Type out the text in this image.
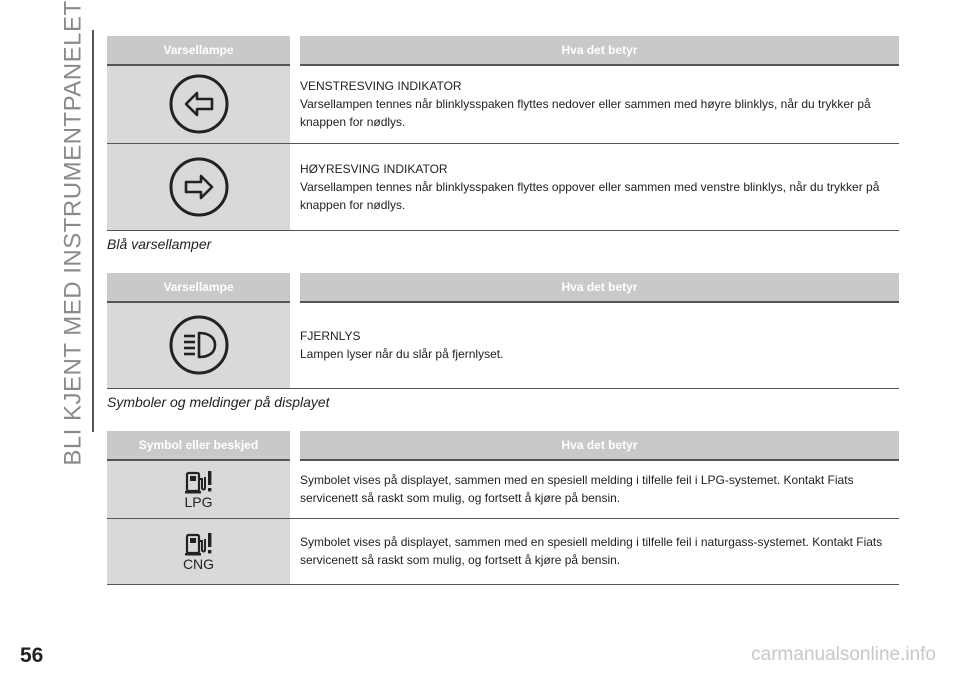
BLI KJENT MED INSTRUMENTPANELET	Varsellampe		Hva det betyr

VENSTRESVING INDIKATOR
Varsellampen tennes når blinklysspaken flyttes nedover eller sammen med høyre blinklys, når du trykker på knappen for nødlys.

HØYRESVING INDIKATOR
Varsellampen tennes når blinklysspaken flyttes oppover eller sammen med venstre blinklys, når du trykker på knappen for nødlys.
Blå varsellamper
Varsellampe		Hva det betyr

FJERNLYS
Lampen lyser når du slår på fjernlyset.
Symboler og meldinger på displayet
Symbol eller beskjed		Hva det betyr

LPG		Symbolet vises på displayet, sammen med en spesiell melding i tilfelle feil i LPG-systemet. Kontakt Fiats servicenett så raskt som mulig, og fortsett å kjøre på bensin.

CNG		Symbolet vises på displayet, sammen med en spesiell melding i tilfelle feil i naturgass-systemet. Kontakt Fiats servicenett så raskt som mulig, og fortsett å kjøre på bensin.
56	carmanualsonline.info
